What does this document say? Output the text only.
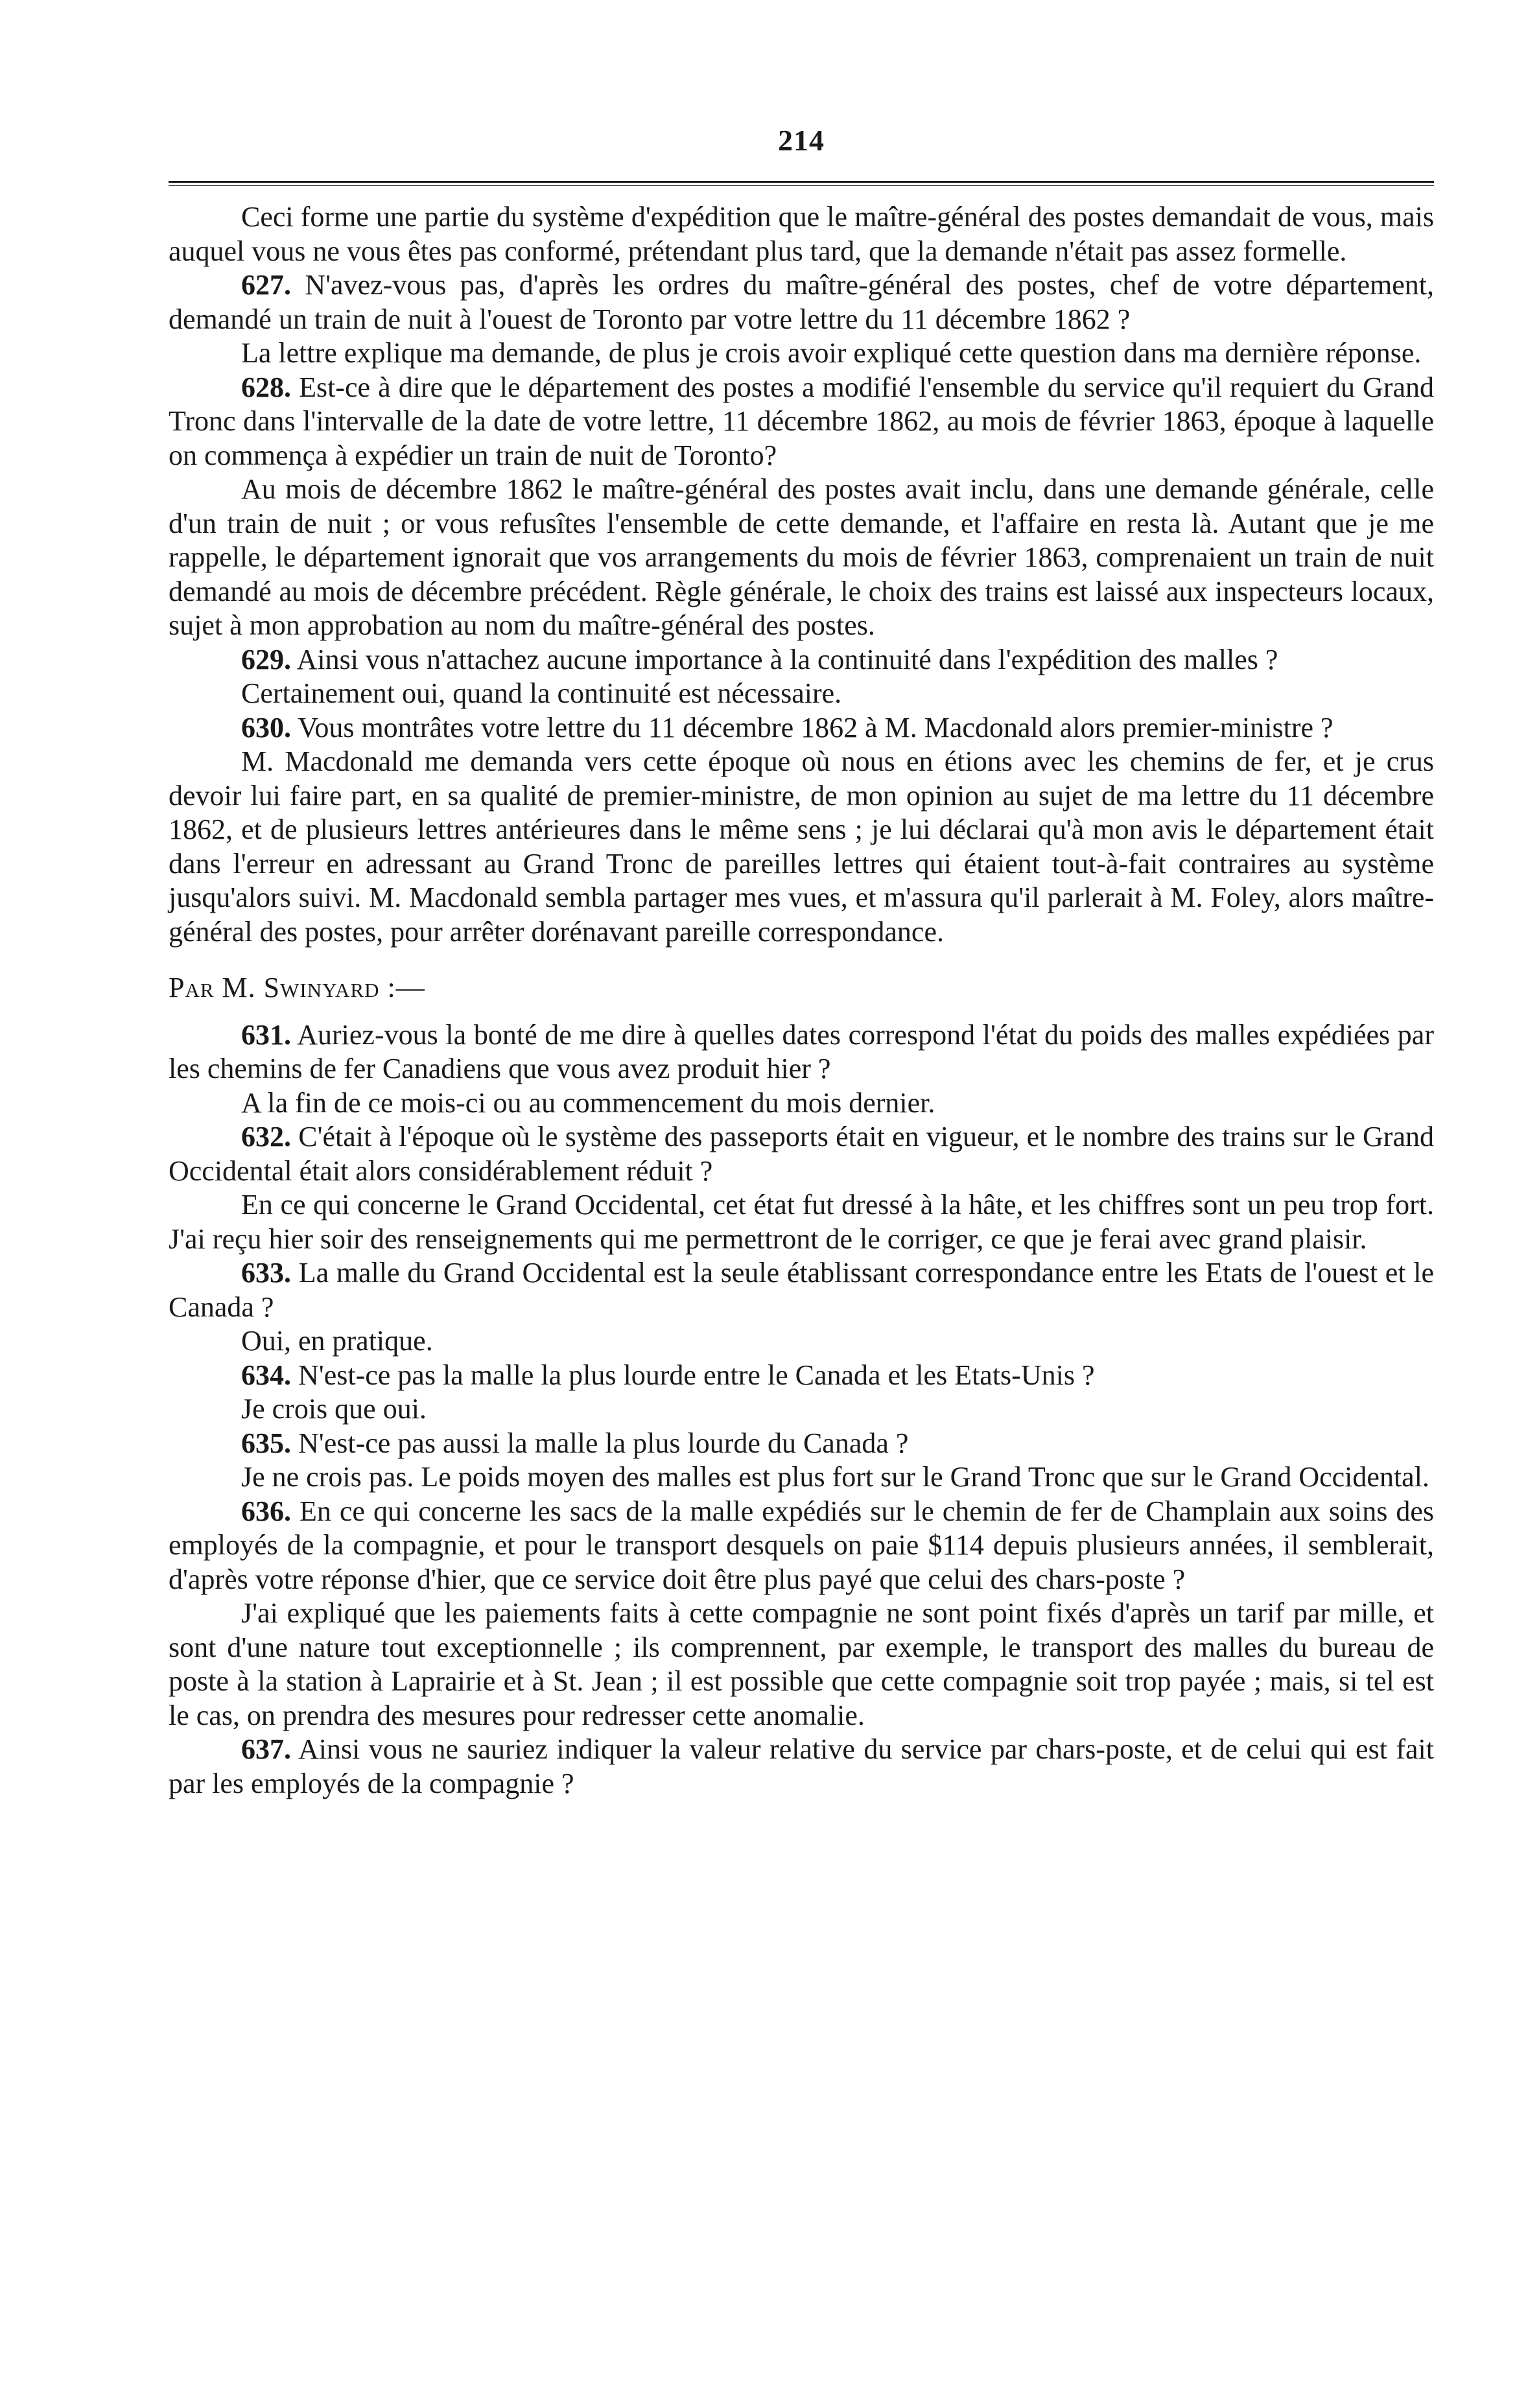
214

Ceci forme une partie du système d'expédition que le maître-général des postes demandait de vous, mais auquel vous ne vous êtes pas conformé, prétendant plus tard, que la demande n'était pas assez formelle.

627. N'avez-vous pas, d'après les ordres du maître-général des postes, chef de votre département, demandé un train de nuit à l'ouest de Toronto par votre lettre du 11 décembre 1862 ?

La lettre explique ma demande, de plus je crois avoir expliqué cette question dans ma dernière réponse.

628. Est-ce à dire que le département des postes a modifié l'ensemble du service qu'il requiert du Grand Tronc dans l'intervalle de la date de votre lettre, 11 décembre 1862, au mois de février 1863, époque à laquelle on commença à expédier un train de nuit de Toronto?

Au mois de décembre 1862 le maître-général des postes avait inclu, dans une demande générale, celle d'un train de nuit ; or vous refusîtes l'ensemble de cette demande, et l'affaire en resta là. Autant que je me rappelle, le département ignorait que vos arrangements du mois de février 1863, comprenaient un train de nuit demandé au mois de décembre précédent. Règle générale, le choix des trains est laissé aux inspecteurs locaux, sujet à mon approbation au nom du maître-général des postes.

629. Ainsi vous n'attachez aucune importance à la continuité dans l'expédition des malles ?

Certainement oui, quand la continuité est nécessaire.

630. Vous montrâtes votre lettre du 11 décembre 1862 à M. Macdonald alors premier-ministre ?

M. Macdonald me demanda vers cette époque où nous en étions avec les chemins de fer, et je crus devoir lui faire part, en sa qualité de premier-ministre, de mon opinion au sujet de ma lettre du 11 décembre 1862, et de plusieurs lettres antérieures dans le même sens ; je lui déclarai qu'à mon avis le département était dans l'erreur en adressant au Grand Tronc de pareilles lettres qui étaient tout-à-fait contraires au système jusqu'alors suivi. M. Macdonald sembla partager mes vues, et m'assura qu'il parlerait à M. Foley, alors maître-général des postes, pour arrêter dorénavant pareille correspondance.

Par M. Swinyard :—

631. Auriez-vous la bonté de me dire à quelles dates correspond l'état du poids des malles expédiées par les chemins de fer Canadiens que vous avez produit hier ?

A la fin de ce mois-ci ou au commencement du mois dernier.

632. C'était à l'époque où le système des passeports était en vigueur, et le nombre des trains sur le Grand Occidental était alors considérablement réduit ?

En ce qui concerne le Grand Occidental, cet état fut dressé à la hâte, et les chiffres sont un peu trop fort. J'ai reçu hier soir des renseignements qui me permettront de le corriger, ce que je ferai avec grand plaisir.

633. La malle du Grand Occidental est la seule établissant correspondance entre les Etats de l'ouest et le Canada ?

Oui, en pratique.

634. N'est-ce pas la malle la plus lourde entre le Canada et les Etats-Unis ?

Je crois que oui.

635. N'est-ce pas aussi la malle la plus lourde du Canada ?

Je ne crois pas. Le poids moyen des malles est plus fort sur le Grand Tronc que sur le Grand Occidental.

636. En ce qui concerne les sacs de la malle expédiés sur le chemin de fer de Champlain aux soins des employés de la compagnie, et pour le transport desquels on paie $114 depuis plusieurs années, il semblerait, d'après votre réponse d'hier, que ce service doit être plus payé que celui des chars-poste ?

J'ai expliqué que les paiements faits à cette compagnie ne sont point fixés d'après un tarif par mille, et sont d'une nature tout exceptionnelle ; ils comprennent, par exemple, le transport des malles du bureau de poste à la station à Laprairie et à St. Jean ; il est possible que cette compagnie soit trop payée ; mais, si tel est le cas, on prendra des mesures pour redresser cette anomalie.

637. Ainsi vous ne sauriez indiquer la valeur relative du service par chars-poste, et de celui qui est fait par les employés de la compagnie ?
